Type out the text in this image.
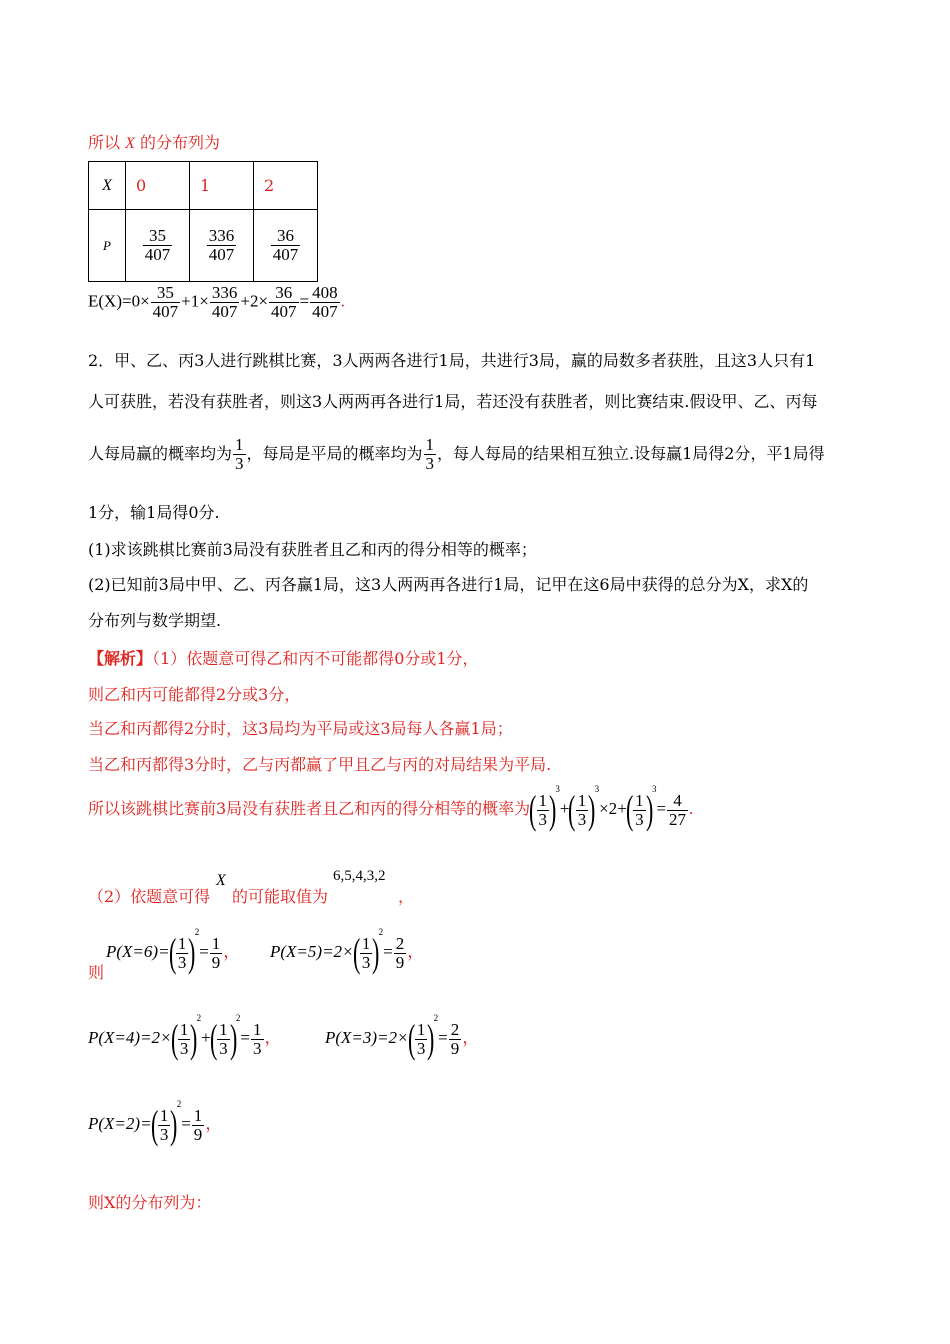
所以 X 的分布列为
X	0	1	2
P	$\frac{35}{407}$	$\frac{336}{407}$	$\frac{36}{407}$
$E(X)=0\times \frac{35}{407} +1\times \frac{336}{407} +2\times \frac{36}{407} = \frac{408}{407}$ .
2．甲、乙、丙3人进行跳棋比赛，3人两两各进行1局，共进行3局，赢的局数多者获胜，且这3人只有1
人可获胜，若没有获胜者，则这3人两两再各进行1局，若还没有获胜者，则比赛结束.假设甲、乙、丙每
人每局赢的概率均为 $\frac{1}{3}$ ，每局是平局的概率均为 $\frac{1}{3}$ ，每人每局的结果相互独立.设每赢1局得2分，平1局得
1分，输1局得0分.
(1)求该跳棋比赛前3局没有获胜者且乙和丙的得分相等的概率；
(2)已知前3局中甲、乙、丙各赢1局，这3人两两再各进行1局，记甲在这6局中获得的总分为X，求X的
分布列与数学期望.
【解析】（1）依题意可得乙和丙不可能都得0分或1分，
则乙和丙可能都得2分或3分，
当乙和丙都得2分时，这3局均为平局或这3局每人各赢1局；
当乙和丙都得3分时，乙与丙都赢了甲且乙与丙的对局结果为平局.
所以该跳棋比赛前3局没有获胜者且乙和丙的得分相等的概率为( $\frac{1}{3} )^3+( \frac{1}{3} )^3\times 2+( \frac{1}{3} )^3= \frac{4}{27}$ .
（2）依题意可得
X
的可能取值为
6,5,4,3,2
，
则
$P(X=6)=( \frac{1}{3} )^2= \frac{1}{9}$ ， $P(X=5)=2\times( \frac{1}{3} )^2= \frac{2}{9}$ ，
$P(X=4)=2\times( \frac{1}{3} )^2+( \frac{1}{3} )^2= \frac{1}{3}$ ，	$P(X=3)=2\times( \frac{1}{3} )^2= \frac{2}{9}$ ，
$P(X=2)=( \frac{1}{3} )^2= \frac{1}{9}$ ，
则X的分布列为：
